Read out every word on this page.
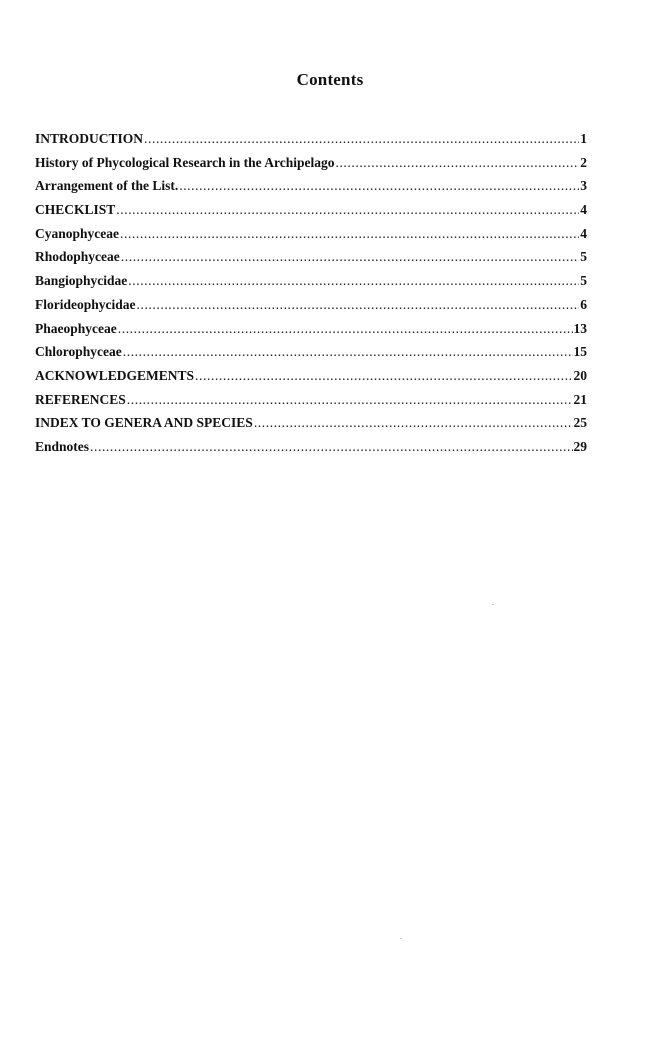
Contents
INTRODUCTION .....	1
History of Phycological Research in the Archipelago .....	2
Arrangement of the List. .....	3
CHECKLIST .....	4
Cyanophyceae .....	4
Rhodophyceae .....	5
Bangiophycidae .....	5
Florideophycidae .....	6
Phaeophyceae .....	13
Chlorophyceae .....	15
ACKNOWLEDGEMENTS .....	20
REFERENCES .....	21
INDEX TO GENERA AND SPECIES .....	25
Endnotes .....	29
